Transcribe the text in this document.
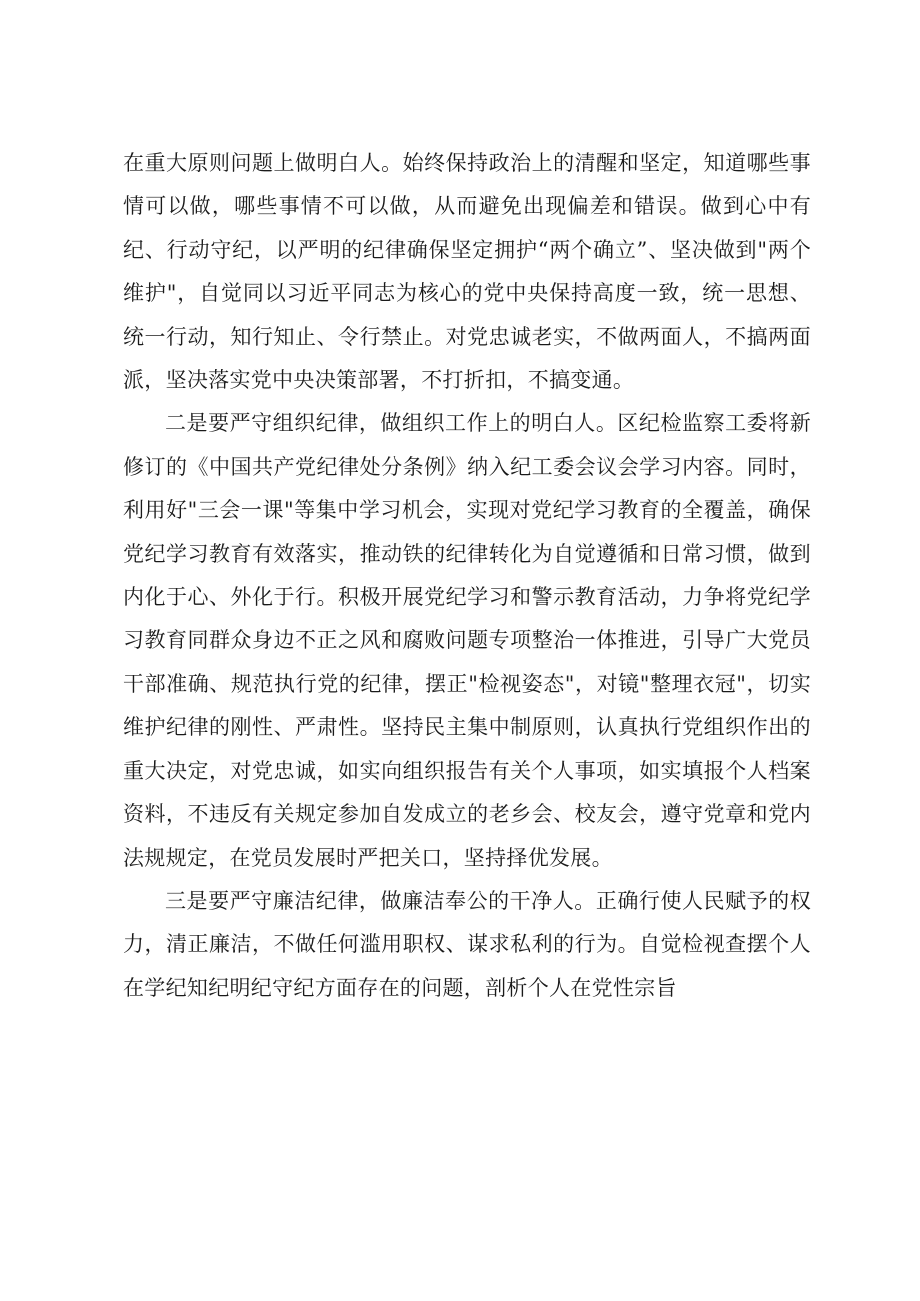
在重大原则问题上做明白人。始终保持政治上的清醒和坚定，知道哪些事情可以做，哪些事情不可以做，从而避免出现偏差和错误。做到心中有纪、行动守纪，以严明的纪律确保坚定拥护“两个确立”、坚决做到"两个维护"，自觉同以习近平同志为核心的党中央保持高度一致，统一思想、统一行动，知行知止、令行禁止。对党忠诚老实，不做两面人，不搞两面派，坚决落实党中央决策部署，不打折扣，不搞变通。

二是要严守组织纪律，做组织工作上的明白人。区纪检监察工委将新修订的《中国共产党纪律处分条例》纳入纪工委会议会学习内容。同时，利用好"三会一课"等集中学习机会，实现对党纪学习教育的全覆盖，确保党纪学习教育有效落实，推动铁的纪律转化为自觉遵循和日常习惯，做到内化于心、外化于行。积极开展党纪学习和警示教育活动，力争将党纪学习教育同群众身边不正之风和腐败问题专项整治一体推进，引导广大党员干部准确、规范执行党的纪律，摆正"检视姿态"，对镜"整理衣冠"，切实维护纪律的刚性、严肃性。坚持民主集中制原则，认真执行党组织作出的重大决定，对党忠诚，如实向组织报告有关个人事项，如实填报个人档案资料，不违反有关规定参加自发成立的老乡会、校友会，遵守党章和党内法规规定，在党员发展时严把关口，坚持择优发展。

三是要严守廉洁纪律，做廉洁奉公的干净人。正确行使人民赋予的权力，清正廉洁，不做任何滥用职权、谋求私利的行为。自觉检视查摆个人在学纪知纪明纪守纪方面存在的问题，剖析个人在党性宗旨
